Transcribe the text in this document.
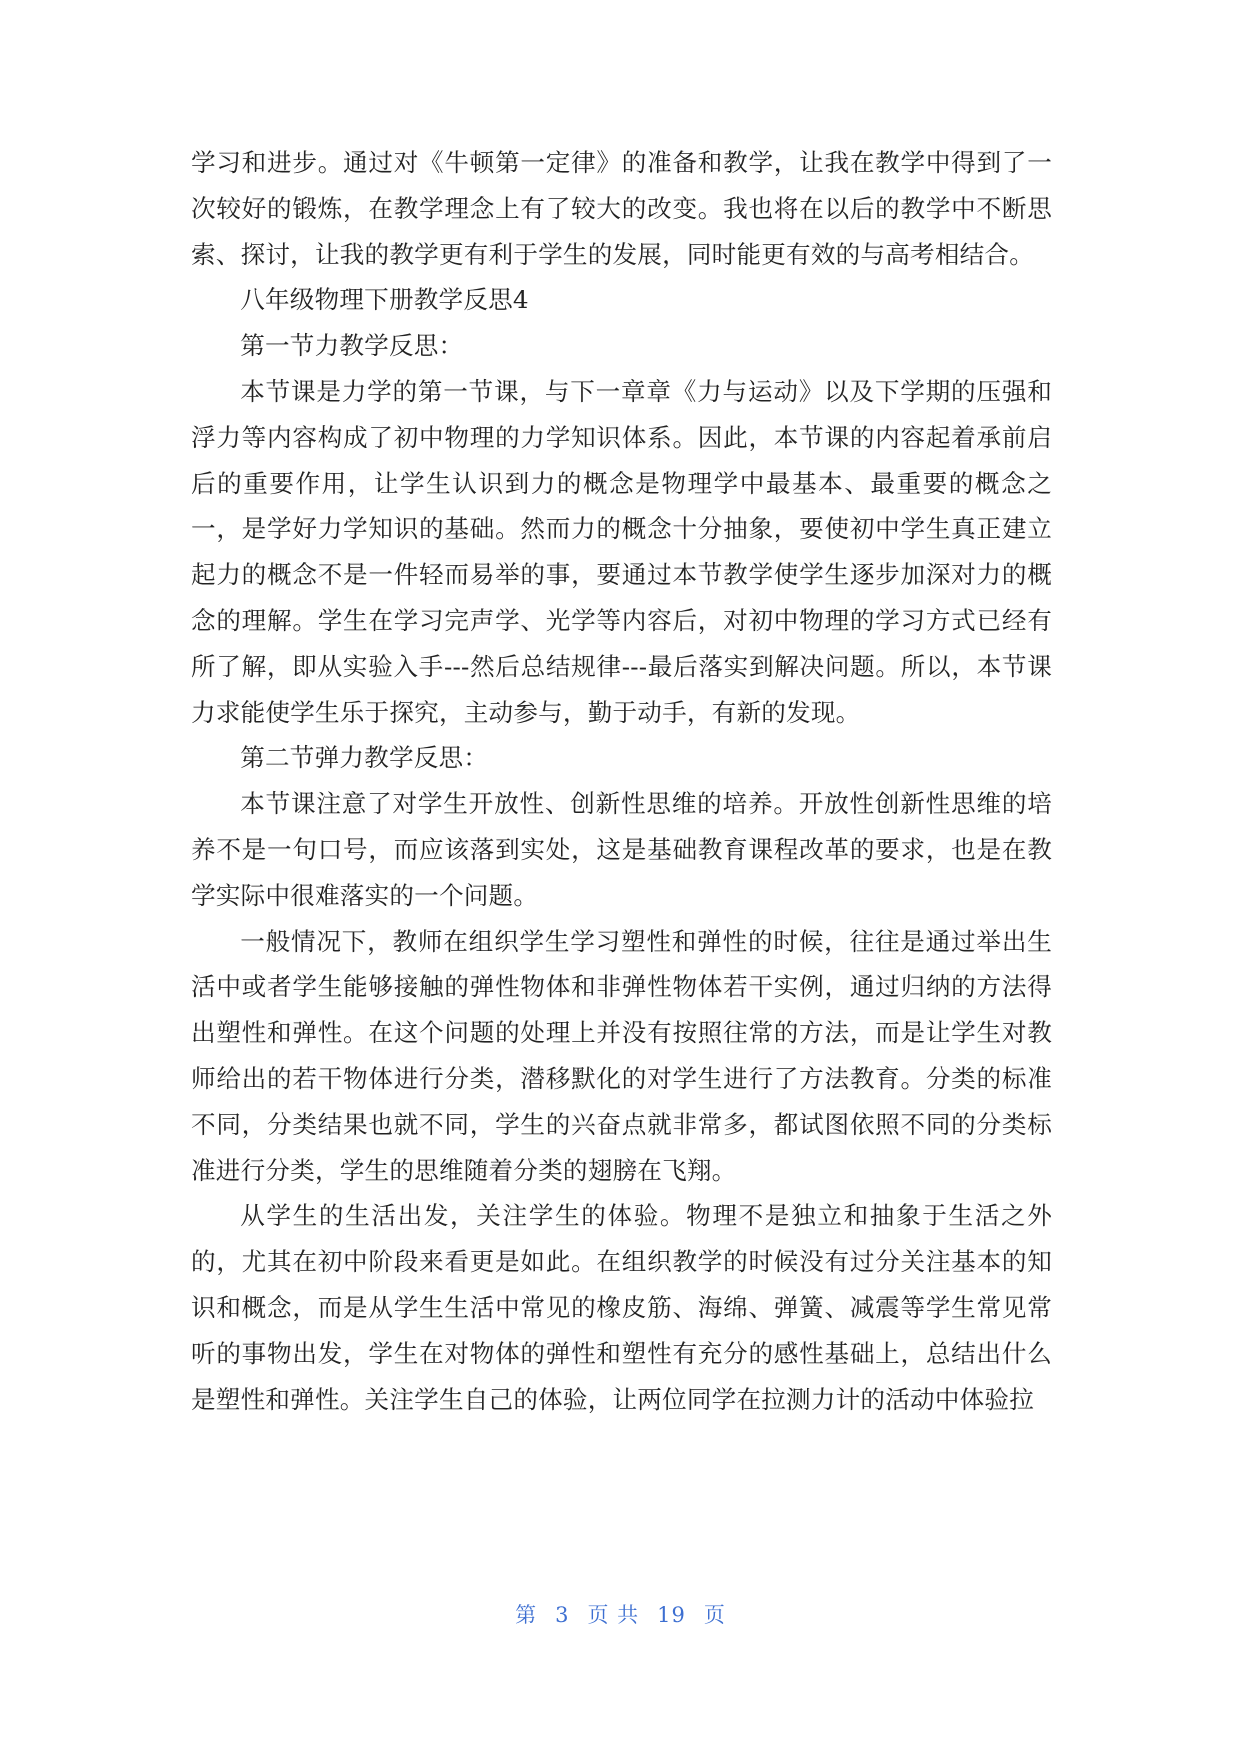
学习和进步。通过对《牛顿第一定律》的准备和教学，让我在教学中得到了一次较好的锻炼，在教学理念上有了较大的改变。我也将在以后的教学中不断思索、探讨，让我的教学更有利于学生的发展，同时能更有效的与高考相结合。

八年级物理下册教学反思4

第一节力教学反思：

本节课是力学的第一节课，与下一章章《力与运动》以及下学期的压强和浮力等内容构成了初中物理的力学知识体系。因此，本节课的内容起着承前启后的重要作用，让学生认识到力的概念是物理学中最基本、最重要的概念之一，是学好力学知识的基础。然而力的概念十分抽象，要使初中学生真正建立起力的概念不是一件轻而易举的事，要通过本节教学使学生逐步加深对力的概念的理解。学生在学习完声学、光学等内容后，对初中物理的学习方式已经有所了解，即从实验入手---然后总结规律---最后落实到解决问题。所以，本节课力求能使学生乐于探究，主动参与，勤于动手，有新的发现。

第二节弹力教学反思：

本节课注意了对学生开放性、创新性思维的培养。开放性创新性思维的培养不是一句口号，而应该落到实处，这是基础教育课程改革的要求，也是在教学实际中很难落实的一个问题。

一般情况下，教师在组织学生学习塑性和弹性的时候，往往是通过举出生活中或者学生能够接触的弹性物体和非弹性物体若干实例，通过归纳的方法得出塑性和弹性。在这个问题的处理上并没有按照往常的方法，而是让学生对教师给出的若干物体进行分类，潜移默化的对学生进行了方法教育。分类的标准不同，分类结果也就不同，学生的兴奋点就非常多，都试图依照不同的分类标准进行分类，学生的思维随着分类的翅膀在飞翔。

从学生的生活出发，关注学生的体验。物理不是独立和抽象于生活之外的，尤其在初中阶段来看更是如此。在组织教学的时候没有过分关注基本的知识和概念，而是从学生生活中常见的橡皮筋、海绵、弹簧、减震等学生常见常听的事物出发，学生在对物体的弹性和塑性有充分的感性基础上，总结出什么是塑性和弹性。关注学生自己的体验，让两位同学在拉测力计的活动中体验拉

第 3 页 共 19 页
